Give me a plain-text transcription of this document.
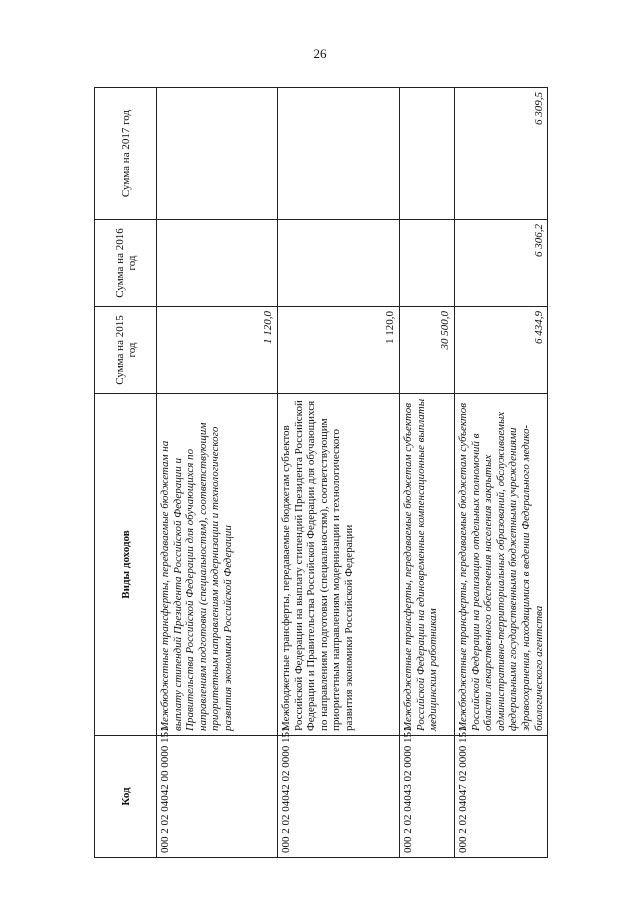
26
Код	Виды доходов	Сумма на 2015 год	Сумма на 2016 год	Сумма на 2017 год
000 2 02 04042 00 0000 151	Межбюджетные трансферты, передаваемые бюджетам на выплату стипендий Президента Российской Федерации и Правительства Российской Федерации для обучающихся по направлениям подготовки (специальностям), соответствующим приоритетным направлениям модернизации и технологического развития экономики Российской Федерации	1 120,0		
000 2 02 04042 02 0000 151	Межбюджетные трансферты, передаваемые бюджетам субъектов Российской Федерации на выплату стипендий Президента Российской Федерации и Правительства Российской Федерации для обучающихся по направлениям подготовки (специальностям), соответствующим приоритетным направлениям модернизации и технологического развития экономики Российской Федерации	1 120,0		
000 2 02 04043 02 0000 151	Межбюджетные трансферты, передаваемые бюджетам субъектов Российской Федерации на единовременные компенсационные выплаты медицинским работникам	30 500,0		
000 2 02 04047 02 0000 151	Межбюджетные трансферты, передаваемые бюджетам субъектов Российской Федерации на реализацию отдельных полномочий в области лекарственного обеспечения населения закрытых административно-территориальных образований, обслуживаемых федеральными государственными бюджетными учреждениями здравоохранения, находящимися в ведении Федерального медико-биологического агентства	6 434,9	6 306,2	6 309,5
